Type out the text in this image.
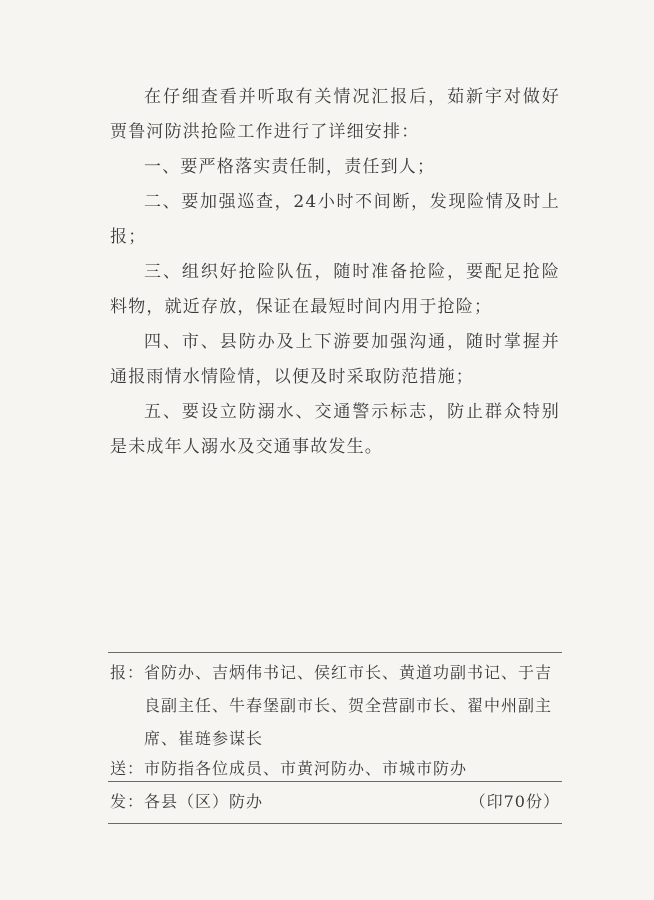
在仔细查看并听取有关情况汇报后，茹新宇对做好贾鲁河防洪抢险工作进行了详细安排：

一、要严格落实责任制，责任到人；

二、要加强巡查，24小时不间断，发现险情及时上报；

三、组织好抢险队伍，随时准备抢险，要配足抢险料物，就近存放，保证在最短时间内用于抢险；

四、市、县防办及上下游要加强沟通，随时掌握并通报雨情水情险情，以便及时采取防范措施；

五、要设立防溺水、交通警示标志，防止群众特别是未成年人溺水及交通事故发生。

报： 省防办、吉炳伟书记、侯红市长、黄道功副书记、于吉良副主任、牛春堡副市长、贺全营副市长、翟中州副主席、崔琏参谋长
送： 市防指各位成员、市黄河防办、市城市防办
发： 各县（区）防办	（印70份）
